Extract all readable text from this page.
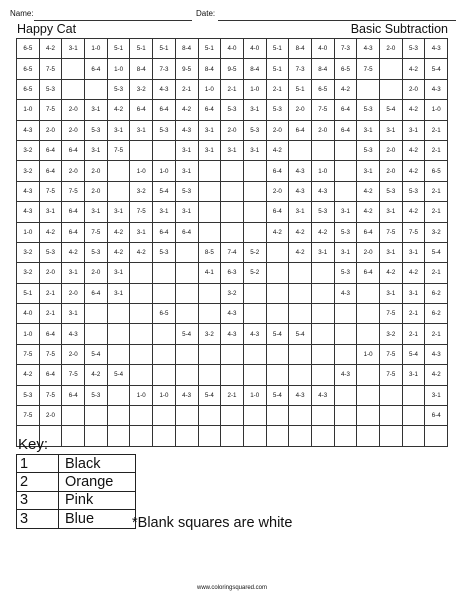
Name:	Date:
Happy Cat	Basic Subtraction
6-5	4-2	3-1	1-0	5-1	5-1	5-1	8-4	5-1	4-0	4-0	5-1	8-4	4-0	7-3	4-3	2-0	5-3	4-3
6-5	7-5		6-4	1-0	8-4	7-3	9-5	8-4	9-5	8-4	5-1	7-3	8-4	6-5	7-5		4-2	5-4
6-5	5-3			5-3	3-2	4-3	2-1	1-0	2-1	1-0	2-1	5-1	6-5	4-2			2-0	4-3
1-0	7-5	2-0	3-1	4-2	6-4	6-4	4-2	6-4	5-3	3-1	5-3	2-0	7-5	6-4	5-3	5-4	4-2	1-0
4-3	2-0	2-0	5-3	3-1	3-1	5-3	4-3	3-1	2-0	5-3	2-0	6-4	2-0	6-4	3-1	3-1	3-1	2-1
3-2	6-4	6-4	3-1	7-5			3-1	3-1	3-1	3-1	4-2				5-3	2-0	4-2	2-1
3-2	6-4	2-0	2-0		1-0	1-0	3-1				6-4	4-3	1-0		3-1	2-0	4-2	6-5
4-3	7-5	7-5	2-0		3-2	5-4	5-3				2-0	4-3	4-3		4-2	5-3	5-3	2-1
4-3	3-1	6-4	3-1	3-1	7-5	3-1	3-1				6-4	3-1	5-3	3-1	4-2	3-1	4-2	2-1
1-0	4-2	6-4	7-5	4-2	3-1	6-4	6-4				4-2	4-2	4-2	5-3	6-4	7-5	7-5	3-2
3-2	5-3	4-2	5-3	4-2	4-2	5-3		8-5	7-4	5-2		4-2	3-1	3-1	2-0	3-1	3-1	5-4
3-2	2-0	3-1	2-0	3-1				4-1	6-3	5-2				5-3	6-4	4-2	4-2	2-1
5-1	2-1	2-0	6-4	3-1					3-2					4-3		3-1	3-1	6-2
4-0	2-1	3-1				6-5			4-3							7-5	2-1	6-2
1-0	6-4	4-3					5-4	3-2	4-3	4-3	5-4	5-4				3-2	2-1	2-1
7-5	7-5	2-0	5-4												1-0	7-5	5-4	4-3
4-2	6-4	7-5	4-2	5-4										4-3		7-5	3-1	4-2
5-3	7-5	6-4	5-3		1-0	1-0	4-3	5-4	2-1	1-0	5-4	4-3	4-3					3-1
7-5	2-0																	6-4

Key:
1	Black
2	Orange
3	Pink
3	Blue	*Blank squares are white
www.coloringsquared.com
